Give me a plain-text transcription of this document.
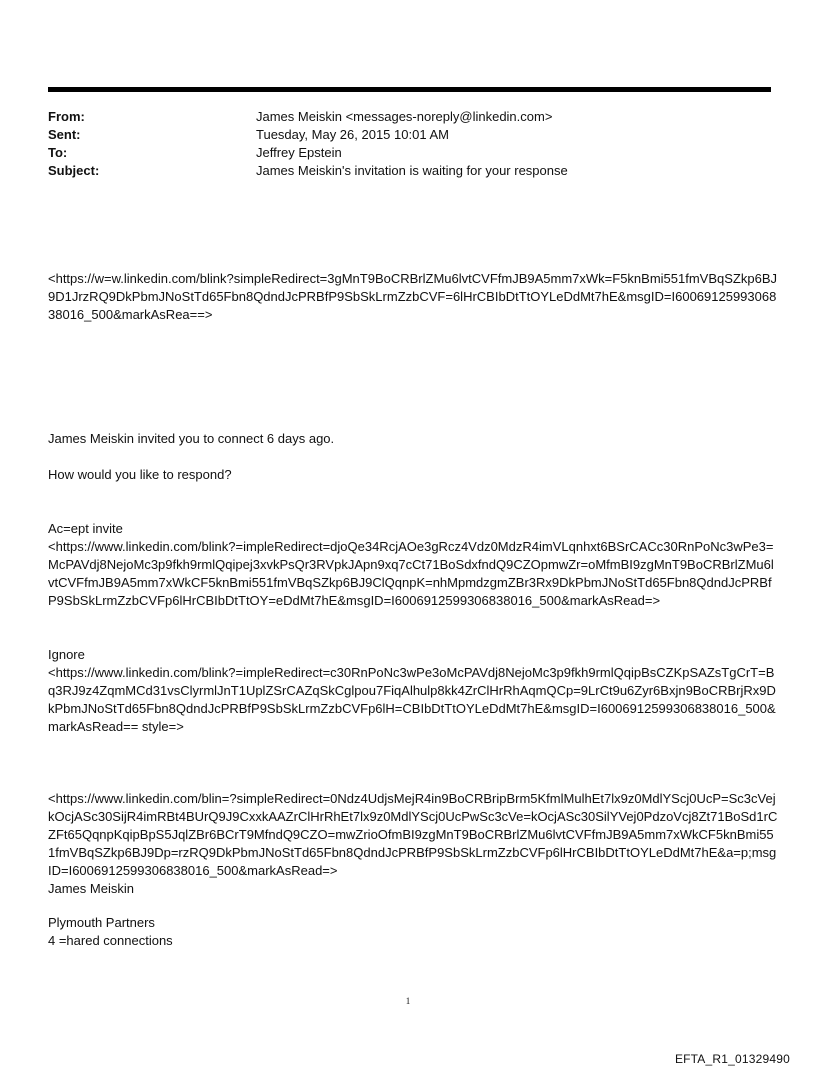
From:	James Meiskin <messages-noreply@linkedin.com>
Sent:	Tuesday, May 26, 2015 10:01 AM
To:	Jeffrey Epstein
Subject:	James Meiskin's invitation is waiting for your response
<https://w=w.linkedin.com/blink?simpleRedirect=3gMnT9BoCRBrlZMu6lvtCVFfmJB9A5mm7xWk=F5knBmi551fmVBqSZkp6BJ9D1JrzRQ9DkPbmJNoStTd65Fbn8QdndJcPRBfP9SbSkLrmZzbCVF=6lHrCBIbDtTtOYLeDdMt7hE&msgID=I6006912599306838016_500&markAsRea==>
James Meiskin invited you to connect 6 days ago.
How would you like to respond?
Ac=ept invite
<https://www.linkedin.com/blink?=impleRedirect=djoQe34RcjAOe3gRcz4Vdz0MdzR4imVLqnhxt6BSrCACc30RnPoNc3wPe3=McPAVdj8NejoMc3p9fkh9rmlQqipej3xvkPsQr3RVpkJApn9xq7cCt71BoSdxfndQ9CZOpmwZr=oMfmBI9zgMnT9BoCRBrlZMu6lvtCVFfmJB9A5mm7xWkCF5knBmi551fmVBqSZkp6BJ9ClQqnpK=nhMpmdzgmZBr3Rx9DkPbmJNoStTd65Fbn8QdndJcPRBfP9SbSkLrmZzbCVFp6lHrCBIbDtTtOY=eDdMt7hE&msgID=I6006912599306838016_500&markAsRead=>
Ignore
<https://www.linkedin.com/blink?=impleRedirect=c30RnPoNc3wPe3oMcPAVdj8NejoMc3p9fkh9rmlQqipBsCZKpSAZsTgCrT=Bq3RJ9z4ZqmMCd31vsClyrmlJnT1UplZSrCAZqSkCglpou7FiqAlhulp8kk4ZrClHrRhAqmQCp=9LrCt9u6Zyr6Bxjn9BoCRBrjRx9DkPbmJNoStTd65Fbn8QdndJcPRBfP9SbSkLrmZzbCVFp6lH=CBIbDtTtOYLeDdMt7hE&msgID=I6006912599306838016_500&markAsRead== style=>
<https://www.linkedin.com/blin=?simpleRedirect=0Ndz4UdjsMejR4in9BoCRBripBrm5KfmlMulhEt7lx9z0MdlYScj0UcP=Sc3cVejkOcjASc30SijR4imRBt4BUrQ9J9CxxkAAZrClHrRhEt7lx9z0MdlYScj0UcPwSc3cVe=kOcjASc30SilYVej0PdzoVcj8Zt71BoSd1rCZFt65QqnpKqipBpS5JqlZBr6BCrT9MfndQ9CZO=mwZrioOfmBI9zgMnT9BoCRBrlZMu6lvtCVFfmJB9A5mm7xWkCF5knBmi551fmVBqSZkp6BJ9Dp=rzRQ9DkPbmJNoStTd65Fbn8QdndJcPRBfP9SbSkLrmZzbCVFp6lHrCBIbDtTtOYLeDdMt7hE&a=p;msgID=I6006912599306838016_500&markAsRead=>
James Meiskin
Plymouth Partners
4 =hared connections
1
EFTA_R1_01329490
